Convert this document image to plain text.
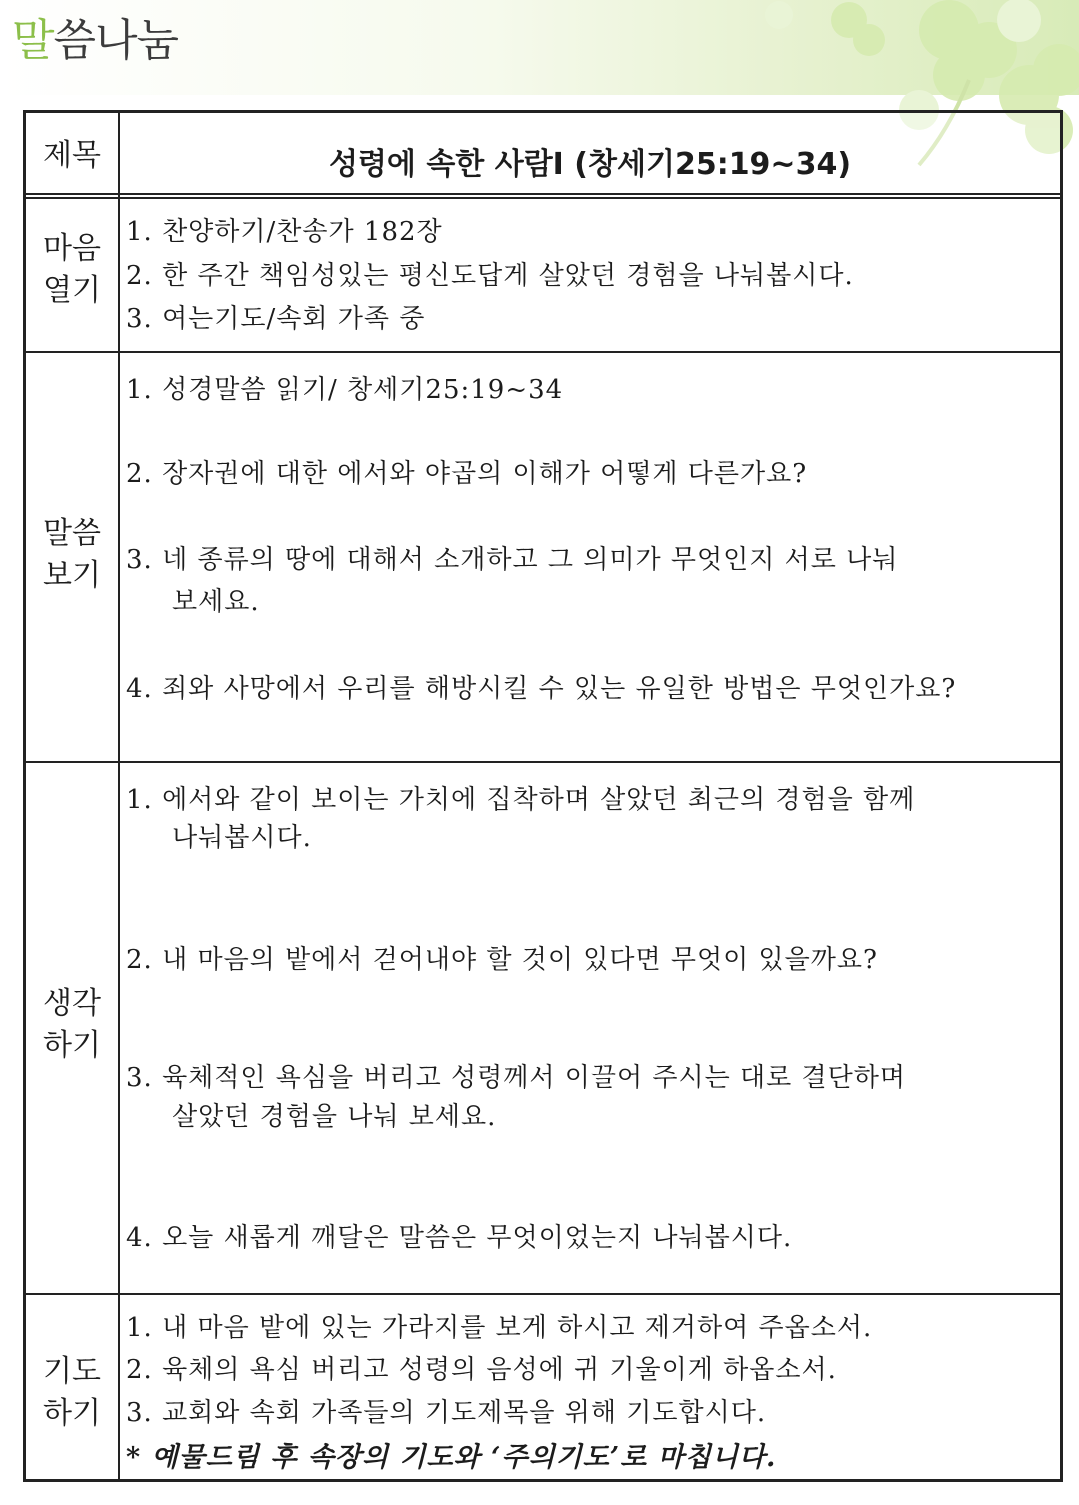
말씀나눔
제목	성령에 속한 사람Ⅰ (창세기25:19~34)
마음
열기
1. 찬양하기/찬송가 182장
2. 한 주간 책임성있는 평신도답게 살았던 경험을 나눠봅시다.
3. 여는기도/속회 가족 중
말씀
보기
1. 성경말씀 읽기/ 창세기25:19~34
2. 장자권에 대한 에서와 야곱의 이해가 어떻게 다른가요?
3. 네 종류의 땅에 대해서 소개하고 그 의미가 무엇인지 서로 나눠
보세요.
4. 죄와 사망에서 우리를 해방시킬 수 있는 유일한 방법은 무엇인가요?
생각
하기
1. 에서와 같이 보이는 가치에 집착하며 살았던 최근의 경험을 함께
나눠봅시다.
2. 내 마음의 밭에서 걷어내야 할 것이 있다면 무엇이 있을까요?
3. 육체적인 욕심을 버리고 성령께서 이끌어 주시는 대로 결단하며
살았던 경험을 나눠 보세요.
4. 오늘 새롭게 깨달은 말씀은 무엇이었는지 나눠봅시다.
기도
하기
1. 내 마음 밭에 있는 가라지를 보게 하시고 제거하여 주옵소서.
2. 육체의 욕심 버리고 성령의 음성에 귀 기울이게 하옵소서.
3. 교회와 속회 가족들의 기도제목을 위해 기도합시다.
* 예물드림 후 속장의 기도와 ‘주의기도’로 마칩니다.
